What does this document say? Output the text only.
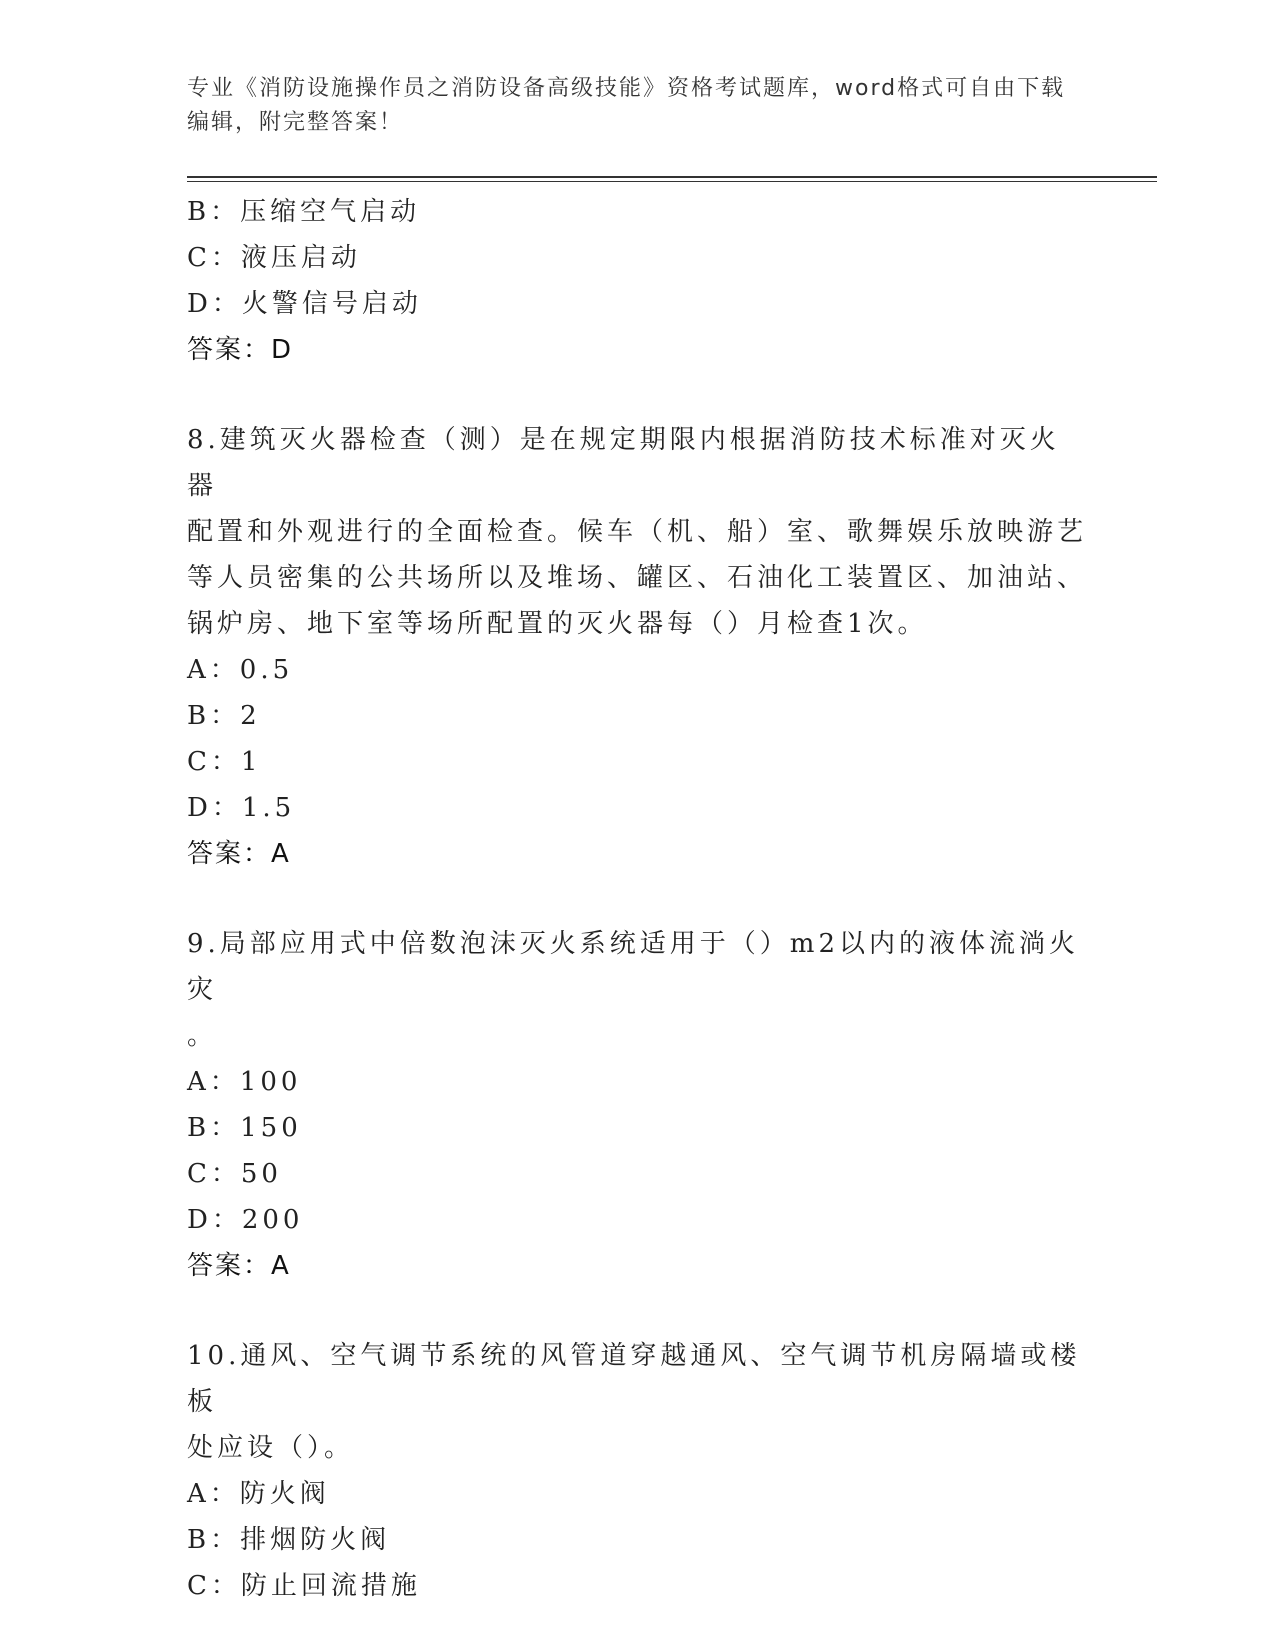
专业《消防设施操作员之消防设备高级技能》资格考试题库，word格式可自由下载编辑，附完整答案！
B：压缩空气启动
C：液压启动
D：火警信号启动
答案：D
8.建筑灭火器检查（测）是在规定期限内根据消防技术标准对灭火器
配置和外观进行的全面检查。候车（机、船）室、歌舞娱乐放映游艺
等人员密集的公共场所以及堆场、罐区、石油化工装置区、加油站、
锅炉房、地下室等场所配置的灭火器每（）月检查1次。
A：0.5
B：2
C：1
D：1.5
答案：A
9.局部应用式中倍数泡沫灭火系统适用于（）m2以内的液体流淌火灾
。
A：100
B：150
C：50
D：200
答案：A
10.通风、空气调节系统的风管道穿越通风、空气调节机房隔墙或楼板
处应设（）。
A：防火阀
B：排烟防火阀
C：防止回流措施
